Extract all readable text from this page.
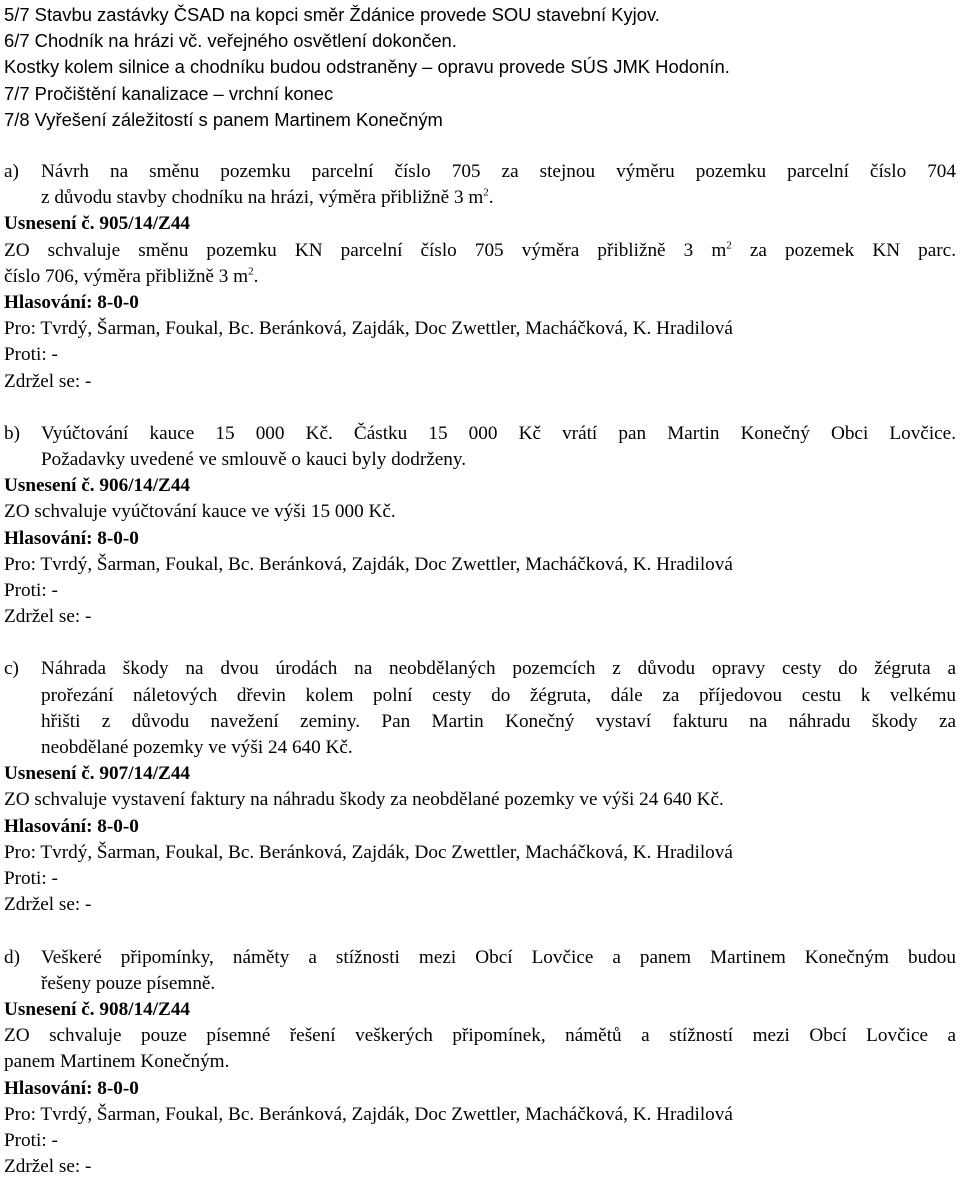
5/7 Stavbu zastávky ČSAD na kopci směr Ždánice provede SOU stavební Kyjov.
6/7 Chodník na hrázi vč. veřejného osvětlení dokončen.
Kostky kolem silnice a chodníku budou odstraněny – opravu provede SÚS JMK Hodonín.
7/7 Pročištění kanalizace – vrchní konec
7/8 Vyřešení záležitostí s panem Martinem Konečným
a)	Návrh na směnu pozemku parcelní číslo 705 za stejnou výměru pozemku parcelní číslo 704
z důvodu stavby chodníku na hrázi, výměra přibližně 3 $m^2$.
Usnesení č. 905/14/Z44
ZO schvaluje směnu pozemku KN parcelní číslo 705 výměra přibližně 3 $m^2$ za pozemek KN parc.
číslo 706, výměra přibližně 3 $m^2$.
Hlasování: 8-0-0
Pro: Tvrdý, Šarman, Foukal, Bc. Beránková, Zajdák, Doc Zwettler, Macháčková, K. Hradilová
Proti: -
Zdržel se: -
b)	Vyúčtování kauce 15 000 Kč. Částku 15 000 Kč vrátí pan Martin Konečný Obci Lovčice.
Požadavky uvedené ve smlouvě o kauci byly dodrženy.
Usnesení č. 906/14/Z44
ZO schvaluje vyúčtování kauce ve výši 15 000 Kč.
Hlasování: 8-0-0
Pro: Tvrdý, Šarman, Foukal, Bc. Beránková, Zajdák, Doc Zwettler, Macháčková, K. Hradilová
Proti: -
Zdržel se: -
c)	Náhrada škody na dvou úrodách na neobdělaných pozemcích z důvodu opravy cesty do žégruta a
prořezání náletových dřevin kolem polní cesty do žégruta, dále za příjedovou cestu k velkému
hřišti z důvodu navežení zeminy. Pan Martin Konečný vystaví fakturu na náhradu škody za
neobdělané pozemky ve výši 24 640 Kč.
Usnesení č. 907/14/Z44
ZO schvaluje vystavení faktury na náhradu škody za neobdělané pozemky ve výši 24 640 Kč.
Hlasování: 8-0-0
Pro: Tvrdý, Šarman, Foukal, Bc. Beránková, Zajdák, Doc Zwettler, Macháčková, K. Hradilová
Proti: -
Zdržel se: -
d)	Veškeré připomínky, náměty a stížnosti mezi Obcí Lovčice a panem Martinem Konečným budou
řešeny pouze písemně.
Usnesení č. 908/14/Z44
ZO schvaluje pouze písemné řešení veškerých připomínek, námětů a stížností mezi Obcí Lovčice a
panem Martinem Konečným.
Hlasování: 8-0-0
Pro: Tvrdý, Šarman, Foukal, Bc. Beránková, Zajdák, Doc Zwettler, Macháčková, K. Hradilová
Proti: -
Zdržel se: -
